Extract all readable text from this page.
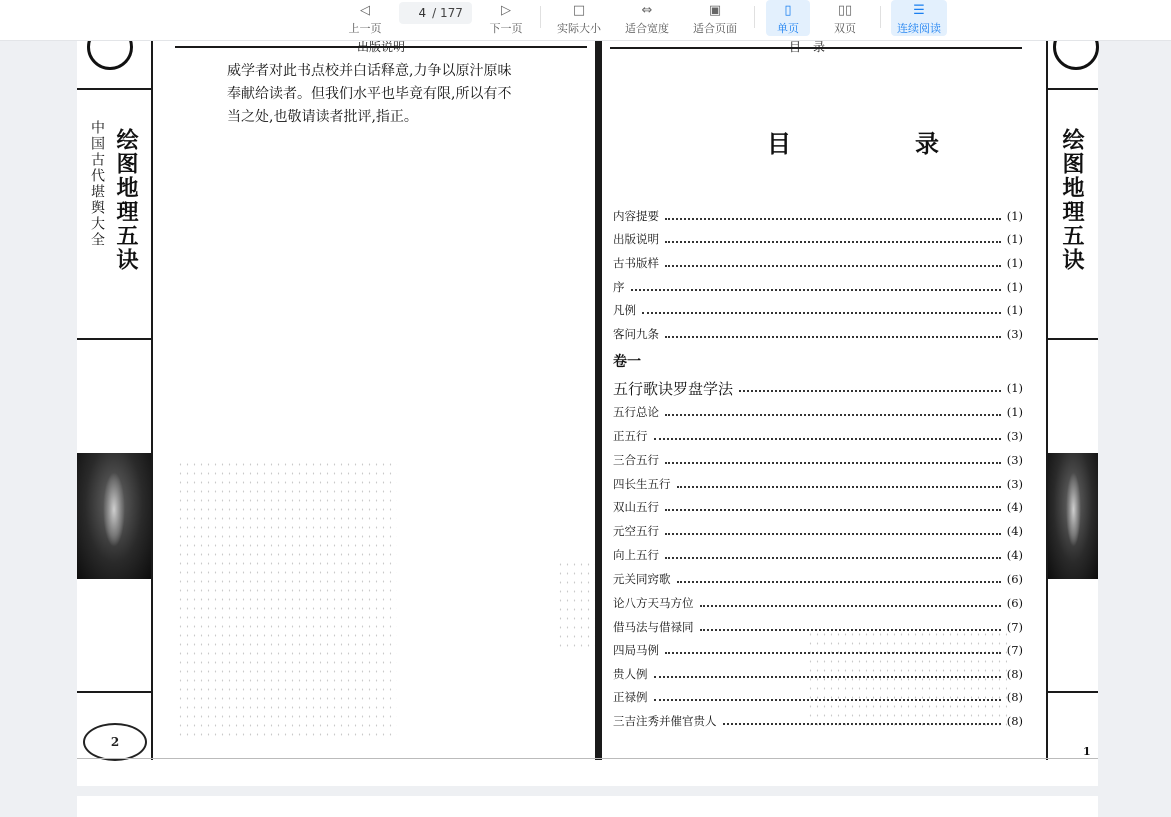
◁
上一页
4
/ 177	▷
下一页
□
实际大小
⇔
适合宽度
▣
适合页面
▯
单页
▯▯
双页
☰
连续阅读
中国古代堪舆大全 绘图地理五诀
2
威学者对此书点校并白话释意,力争以原汁原味
奉献给读者。但我们水平也毕竟有限,所以有不
当之处,也敬请读者批评,指正。
目　录
内容提要	(1)
出版说明	(1)
古书版样	(1)
序	(1)
凡例	(1)
客问九条	(3)
卷一
五行歌诀罗盘学法	(1)
五行总论	(1)
正五行	(3)
三合五行	(3)
四长生五行	(3)
双山五行	(4)
元空五行	(4)
向上五行	(4)
元关同窍歌	(6)
论八方天马方位	(6)
借马法与借禄同	(7)
四局马例	(7)
贵人例	(8)
正禄例	(8)
三吉注秀并催官贵人	(8)
绘图地理五诀
1
